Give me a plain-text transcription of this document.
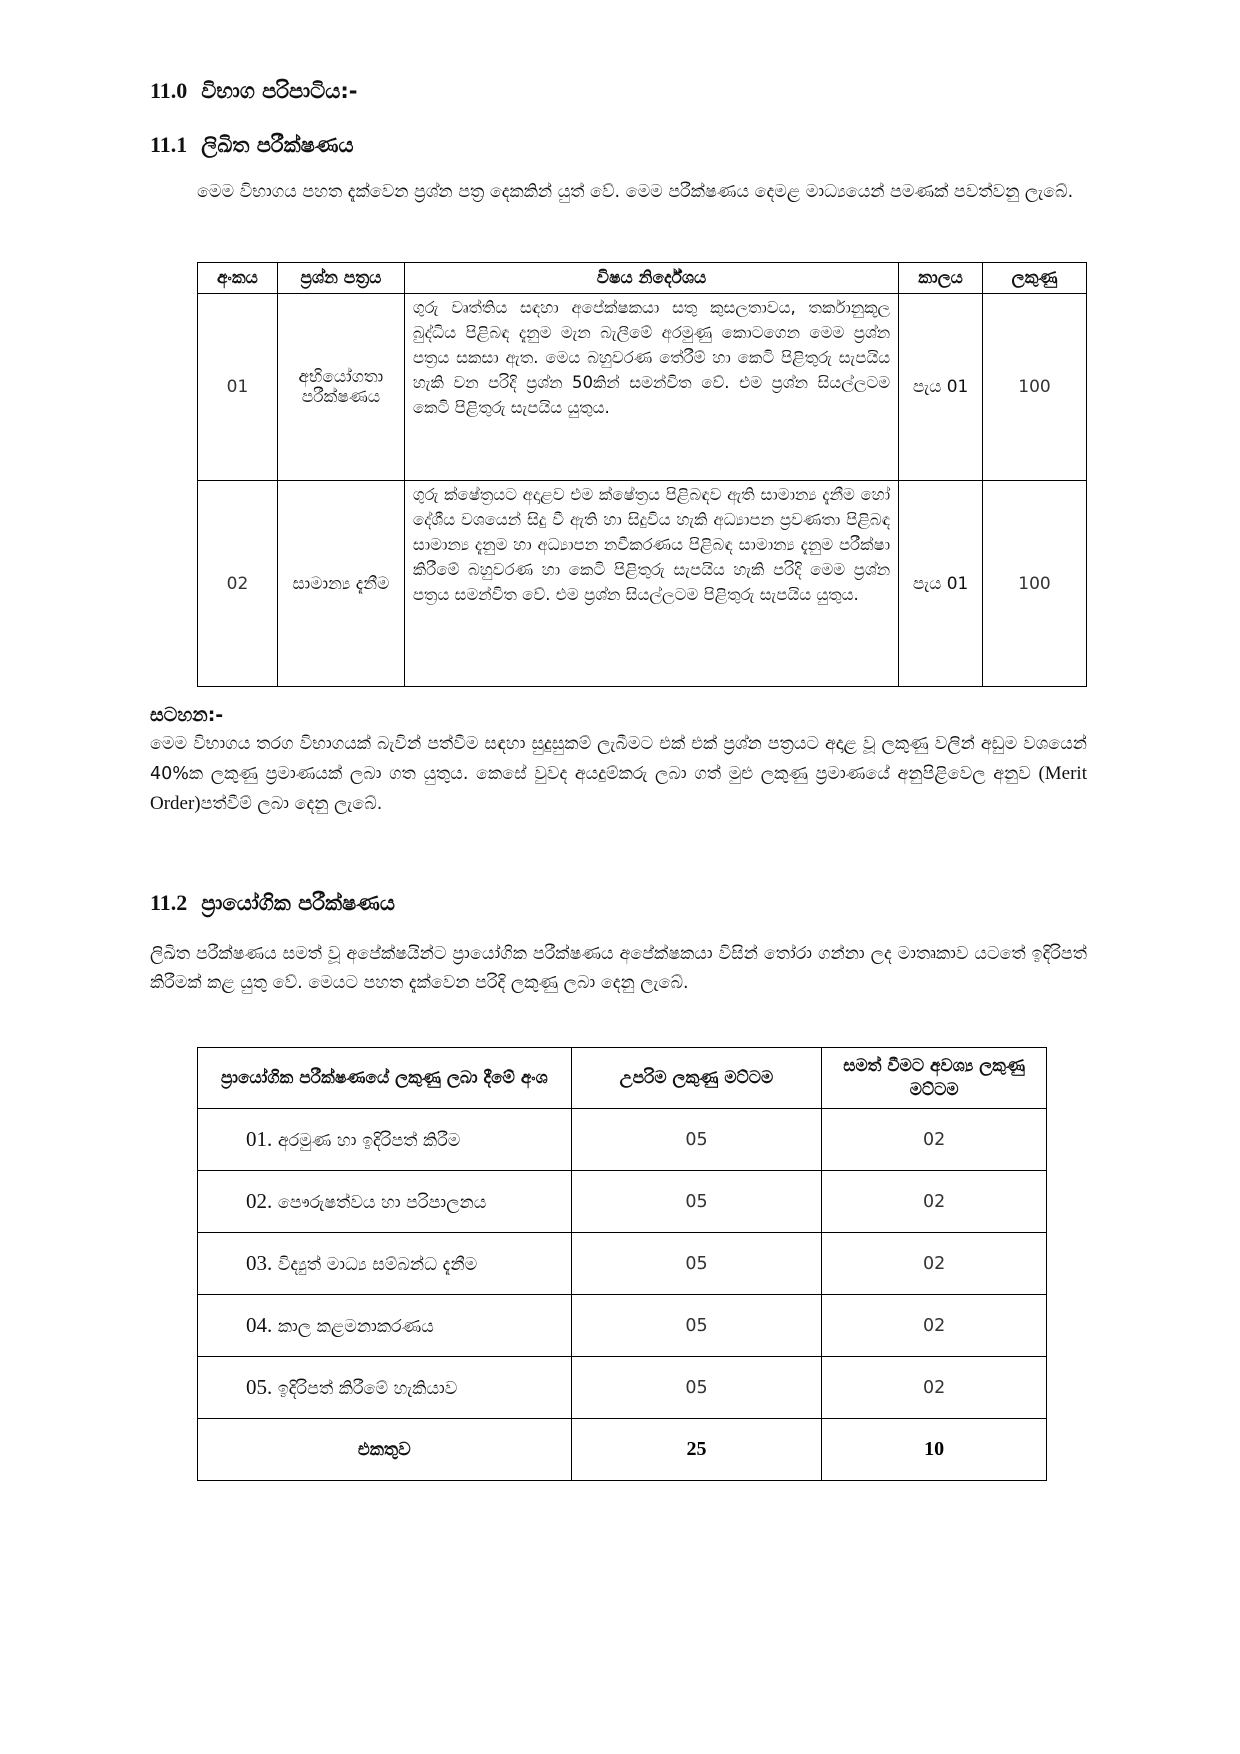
11.0 විභාග පරිපාටිය:-
11.1 ලිඛිත පරීක්ෂණය
මෙම විභාගය පහත දැක්වෙන ප්‍රශ්න පත්‍ර දෙකකින් යුත් වේ. මෙම පරීක්ෂණය දෙමළ මාධ්‍යයෙන් පමණක් පවත්වනු ලැබේ.
අංකය	ප්‍රශ්න පත්‍රය	විෂය නිර්දේශය	කාලය	ලකුණු
01	අභියෝගතා පරීක්ෂණය	ගුරු වෘත්තිය සඳහා අපේක්ෂකයා සතු කුසලතාවය, තර්කානුකූල බුද්ධිය පිළිබඳ දැනුම මැන බැලීමේ අරමුණු කොටගෙන මෙම ප්‍රශ්න පත්‍රය සකසා ඇත. මෙය බහුවරණ තේරීම් හා කෙටි පිළිතුරු සැපයිය හැකි වන පරිදි ප්‍රශ්න 50කින් සමන්විත වේ. එම ප්‍රශ්න සියල්ලටම කෙටි පිළිතුරු සැපයිය යුතුය.	පැය 01	100
02	සාමාන්‍ය දැනීම	ගුරු ක්ෂේත්‍රයට අදාළව එම ක්ෂේත්‍රය පිළිබඳව ඇති සාමාන්‍ය දැනීම හෝ දේශීය වශයෙන් සිදු වී ඇති හා සිදුවිය හැකි අධ්‍යාපන ප්‍රවණතා පිළිබඳ සාමාන්‍ය දැනුම හා අධ්‍යාපන නවීකරණය පිළිබඳ සාමාන්‍ය දැනුම පරීක්ෂා කිරීමේ බහුවරණ හා කෙටි පිළිතුරු සැපයිය හැකි පරිදි මෙම ප්‍රශ්න පත්‍රය සමන්විත වේ. එම ප්‍රශ්න සියල්ලටම පිළිතුරු සැපයිය යුතුය.	පැය 01	100
සටහන:-
මෙම විභාගය තරග විභාගයක් බැවින් පත්වීම සඳහා සුදුසුකම් ලැබීමට එක් එක් ප්‍රශ්න පත්‍රයට අදාළ වූ ලකුණු වලින් අඩුම වශයෙන් 40%ක ලකුණු ප්‍රමාණයක් ලබා ගත යුතුය. කෙසේ වුවද අයදුම්කරු ලබා ගත් මුළු ලකුණු ප්‍රමාණයේ අනුපිළිවෙල අනුව (Merit Order)පත්වීම් ලබා දෙනු ලැබේ.
11.2 ප්‍රායෝගික පරීක්ෂණය
ලිඛිත පරීක්ෂණය සමත් වූ අපේක්ෂයින්ට ප්‍රායෝගික පරීක්ෂණය අපේක්ෂකයා විසින් තෝරා ගන්නා ලද මාතෘකාව යටතේ ඉදිරිපත් කිරීමක් කළ යුතු වේ. මෙයට පහත දැක්වෙන පරිදි ලකුණු ලබා දෙනු ලැබේ.
ප්‍රායෝගික පරීක්ෂණයේ ලකුණු ලබා දීමේ අංශ	උපරිම ලකුණු මට්ටම	සමත් වීමට අවශ්‍ය ලකුණු මට්ටම
01. අරමුණ හා ඉදිරිපත් කිරීම	05	02
02. පෞරුෂත්වය හා පරිපාලනය	05	02
03. විද්‍යුත් මාධ්‍ය සම්බන්ධ දැනීම	05	02
04. කාල කළමනාකරණය	05	02
05. ඉදිරිපත් කිරීමේ හැකියාව	05	02
එකතුව	25	10
